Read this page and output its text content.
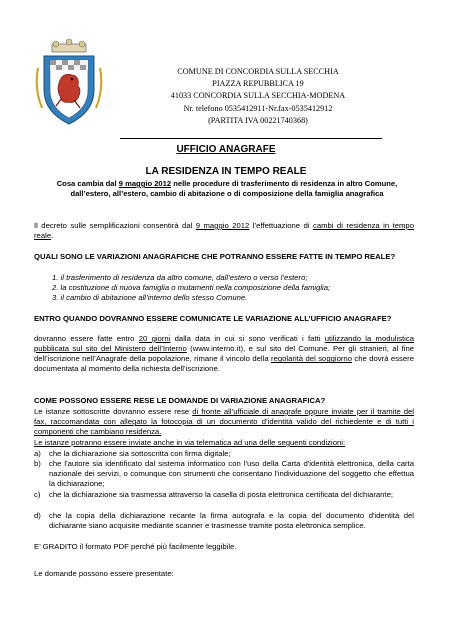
COMUNE DI CONCORDIA SULLA SECCHIA
PIAZZA REPUBBLICA 19
41033 CONCORDIA SULLA SECCHIA-MODENA
Nr. telefono 0535412911-Nr.fax-0535412912
(PARTITA IVA 00221740368)
UFFICIO ANAGRAFE
LA RESIDENZA IN TEMPO REALE
Cosa cambia dal 9 maggio 2012 nelle procedure di trasferimento di residenza in altro Comune, dall’estero, all’estero, cambio di abitazione o di composizione della famiglia anagrafica
Il decreto sulle semplificazioni consentirà dal 9 maggio 2012 l’effettuazione di cambi di residenza in tempo reale.
QUALI SONO LE VARIAZIONI ANAGRAFICHE CHE POTRANNO ESSERE FATTE IN TEMPO REALE?
1. il trasferimento di residenza da altro comune, dall’estero o verso l’estero;
2. la costituzione di nuova famiglia o mutamenti nella composizione della famiglia;
3. il cambio di abitazione all’interno dello stesso Comune.
ENTRO QUANDO DOVRANNO ESSERE COMUNICATE LE VARIAZIONE ALL’UFFICIO ANAGRAFE?
dovranno essere fatte entro 20 giorni dalla data in cui si sono verificati i fatti utilizzando la modulistica pubblicata sul sito del Ministero dell’Interno (www.interno.it), e sul sito del Comune. Per gli stranieri, al fine dell’iscrizione nell’Anagrafe della popolazione, rimane il vincolo della regolarità del soggiorno che dovrà essere documentata al momento della richiesta dell’iscrizione.
COME POSSONO ESSERE RESE LE DOMANDE DI VARIAZIONE ANAGRAFICA?
Le istanze sottoscritte dovranno essere rese di fronte all’ufficiale di anagrafe oppure inviate per il tramite del fax, raccomandata con allegato la fotocopia di un documento d’identità valido del richiedente e di tutti i componenti che cambiano residenza.
Le istanze potranno essere inviate anche in via telematica ad una delle seguenti condizioni:
a) che la dichiarazione sia sottoscritta con firma digitale;
b) che l'autore sia identificato dal sistema informatico con l'uso della Carta d'identità elettronica, della carta nazionale dei servizi, o comunque con strumenti che consentano l'individuazione del soggetto che effettua la dichiarazione;
c) che la dichiarazione sia trasmessa attraverso la casella di posta elettronica certificata del dichiarante;
d) che la copia della dichiarazione recante la firma autografa e la copia del documento d'identità del dichiarante siano acquisite mediante scanner e trasmesse tramite posta elettronica semplice.
E’ GRADITO il formato PDF perché più facilmente leggibile.
Le domande possono essere presentate:
